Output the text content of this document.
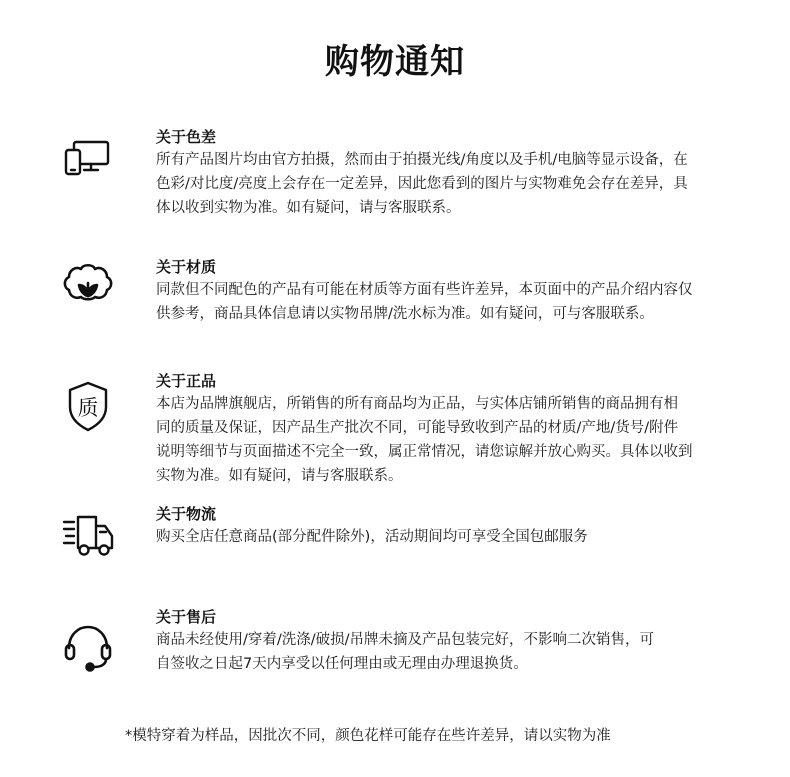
购物通知
关于色差
所有产品图片均由官方拍摄，然而由于拍摄光线/角度以及手机/电脑等显示设备，在
色彩/对比度/亮度上会存在一定差异，因此您看到的图片与实物难免会存在差异，具
体以收到实物为准。如有疑问，请与客服联系。
关于材质
同款但不同配色的产品有可能在材质等方面有些许差异，本页面中的产品介绍内容仅
供参考，商品具体信息请以实物吊牌/洗水标为准。如有疑问，可与客服联系。
质
关于正品
本店为品牌旗舰店，所销售的所有商品均为正品，与实体店铺所销售的商品拥有相
同的质量及保证，因产品生产批次不同，可能导致收到产品的材质/产地/货号/附件
说明等细节与页面描述不完全一致，属正常情况，请您谅解并放心购买。具体以收到
实物为准。如有疑问，请与客服联系。
关于物流
购买全店任意商品(部分配件除外)，活动期间均可享受全国包邮服务
关于售后
商品未经使用/穿着/洗涤/破损/吊牌未摘及产品包装完好，不影响二次销售，可
自签收之日起7天内享受以任何理由或无理由办理退换货。
*模特穿着为样品，因批次不同，颜色花样可能存在些许差异，请以实物为准
